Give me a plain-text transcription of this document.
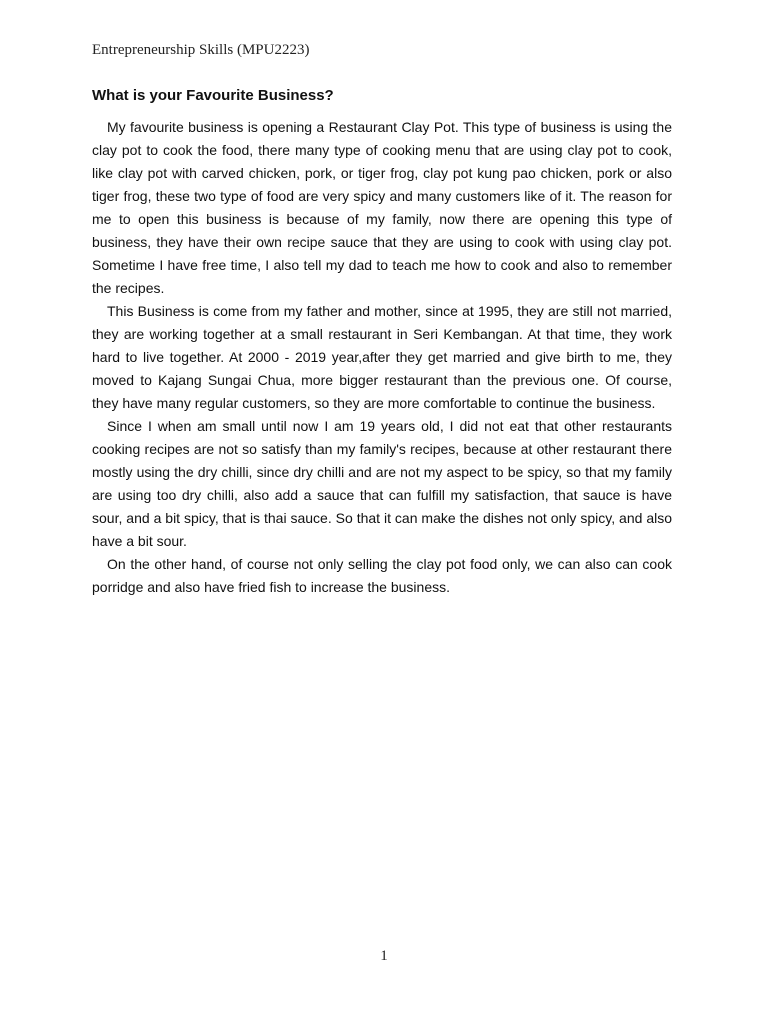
Entrepreneurship Skills (MPU2223)
What is your Favourite Business?

My favourite business is opening a Restaurant Clay Pot. This type of business is using the clay pot to cook the food, there many type of cooking menu that are using clay pot to cook, like clay pot with carved chicken, pork, or tiger frog, clay pot kung pao chicken, pork or also tiger frog, these two type of food are very spicy and many customers like of it. The reason for me to open this business is because of my family, now there are opening this type of business, they have their own recipe sauce that they are using to cook with using clay pot. Sometime I have free time, I also tell my dad to teach me how to cook and also to remember the recipes.

This Business is come from my father and mother, since at 1995, they are still not married, they are working together at a small restaurant in Seri Kembangan. At that time, they work hard to live together. At 2000 - 2019 year,after they get married and give birth to me, they moved to Kajang Sungai Chua, more bigger restaurant than the previous one. Of course, they have many regular customers, so they are more comfortable to continue the business.

Since I when am small until now I am 19 years old, I did not eat that other restaurants cooking recipes are not so satisfy than my family's recipes, because at other restaurant there mostly using the dry chilli, since dry chilli and are not my aspect to be spicy, so that my family are using too dry chilli, also add a sauce that can fulfill my satisfaction, that sauce is have sour, and a bit spicy, that is thai sauce. So that it can make the dishes not only spicy, and also have a bit sour.

On the other hand, of course not only selling the clay pot food only, we can also can cook porridge and also have fried fish to increase the business.

1
